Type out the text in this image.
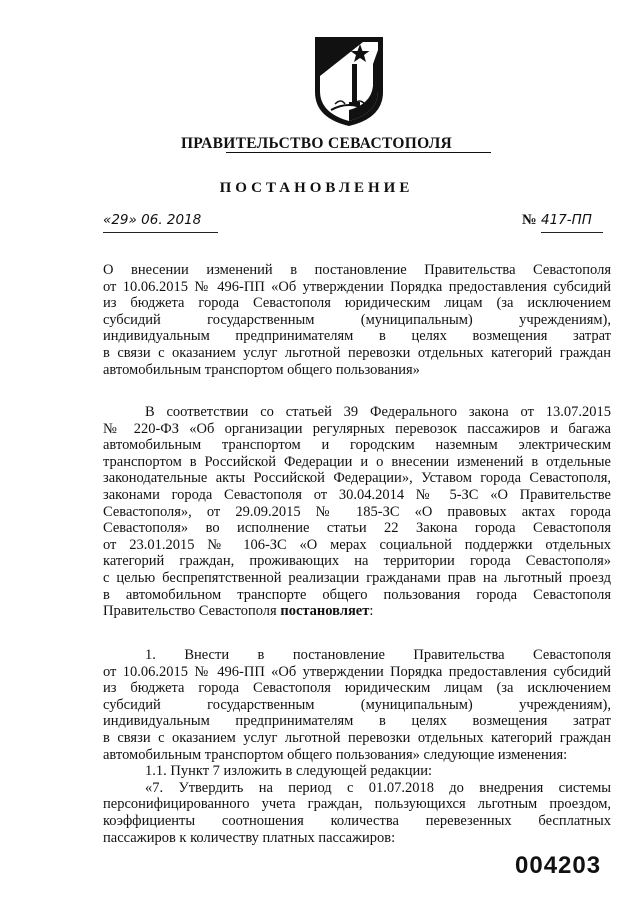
ПРАВИТЕЛЬСТВО СЕВАСТОПОЛЯ
ПОСТАНОВЛЕНИЕ
«29» 06. 2018	№ 417-ПП
О внесении изменений в постановление Правительства Севастополя
от 10.06.2015 № 496-ПП «Об утверждении Порядка предоставления субсидий
из бюджета города Севастополя юридическим лицам (за исключением
субсидий государственным (муниципальным) учреждениям),
индивидуальным предпринимателям в целях возмещения затрат
в связи с оказанием услуг льготной перевозки отдельных категорий граждан
автомобильным транспортом общего пользования»
В соответствии со статьей 39 Федерального закона от 13.07.2015
№ 220-ФЗ «Об организации регулярных перевозок пассажиров и багажа
автомобильным транспортом и городским наземным электрическим
транспортом в Российской Федерации и о внесении изменений в отдельные
законодательные акты Российской Федерации», Уставом города Севастополя,
законами города Севастополя от 30.04.2014 № 5-ЗС «О Правительстве
Севастополя», от 29.09.2015 № 185-ЗС «О правовых актах города
Севастополя» во исполнение статьи 22 Закона города Севастополя
от 23.01.2015 № 106-ЗС «О мерах социальной поддержки отдельных
категорий граждан, проживающих на территории города Севастополя»
с целью беспрепятственной реализации гражданами прав на льготный проезд
в автомобильном транспорте общего пользования города Севастополя
Правительство Севастополя постановляет:
1. Внести в постановление Правительства Севастополя
от 10.06.2015 № 496-ПП «Об утверждении Порядка предоставления субсидий
из бюджета города Севастополя юридическим лицам (за исключением
субсидий государственным (муниципальным) учреждениям),
индивидуальным предпринимателям в целях возмещения затрат
в связи с оказанием услуг льготной перевозки отдельных категорий граждан
автомобильным транспортом общего пользования» следующие изменения:
1.1. Пункт 7 изложить в следующей редакции:
«7. Утвердить на период с 01.07.2018 до внедрения системы
персонифицированного учета граждан, пользующихся льготным проездом,
коэффициенты соотношения количества перевезенных бесплатных
пассажиров к количеству платных пассажиров:
004203
